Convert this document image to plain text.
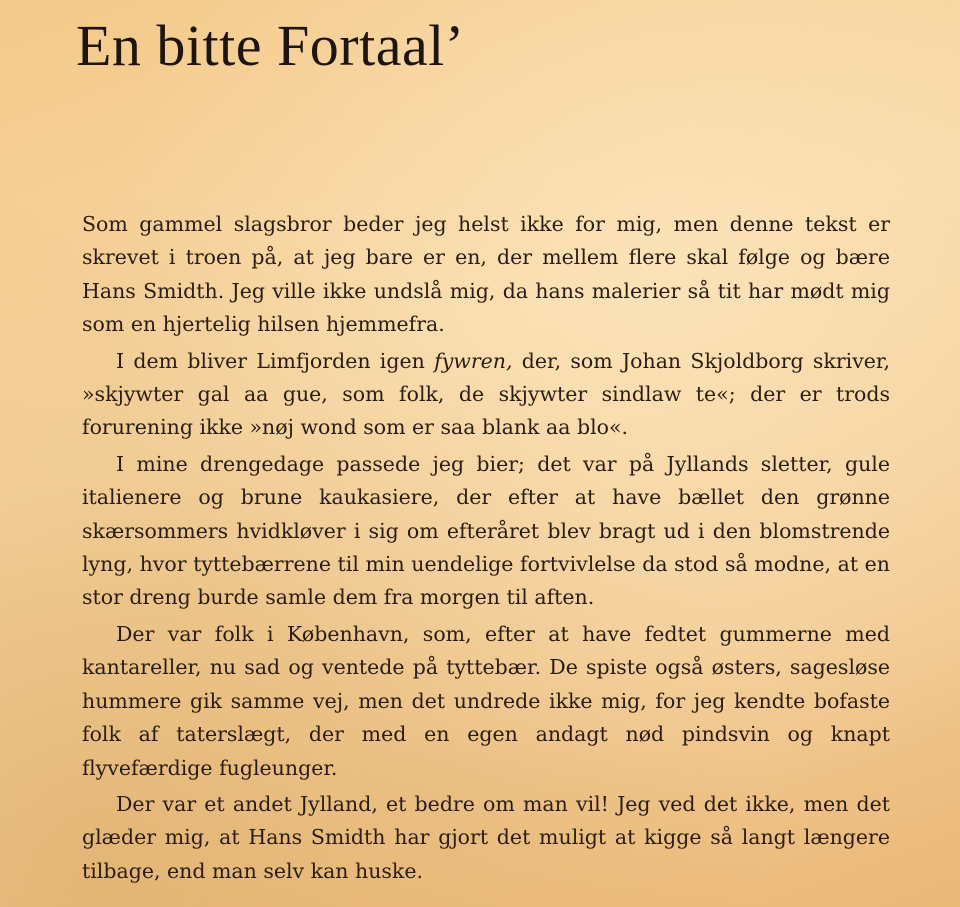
En bitte Fortaal’

Som gammel slagsbror beder jeg helst ikke for mig, men denne tekst er skrevet i troen på, at jeg bare er en, der mellem flere skal følge og bære Hans Smidth. Jeg ville ikke undslå mig, da hans malerier så tit har mødt mig som en hjertelig hilsen hjemmefra.

I dem bliver Limfjorden igen fywren, der, som Johan Skjoldborg skriver, »skjywter gal aa gue, som folk, de skjywter sindlaw te«; der er trods forurening ikke »nøj wond som er saa blank aa blo«.

I mine drengedage passede jeg bier; det var på Jyllands sletter, gule italienere og brune kaukasiere, der efter at have bællet den grønne skærsommers hvidkløver i sig om efteråret blev bragt ud i den blomstrende lyng, hvor tyttebærrene til min uendelige fortvivlelse da stod så modne, at en stor dreng burde samle dem fra morgen til aften.

Der var folk i København, som, efter at have fedtet gummerne med kantareller, nu sad og ventede på tyttebær. De spiste også østers, sagesløse hummere gik samme vej, men det undrede ikke mig, for jeg kendte bofaste folk af taterslægt, der med en egen andagt nød pindsvin og knapt flyvefærdige fugleunger.

Der var et andet Jylland, et bedre om man vil! Jeg ved det ikke, men det glæder mig, at Hans Smidth har gjort det muligt at kigge så langt længere tilbage, end man selv kan huske.
